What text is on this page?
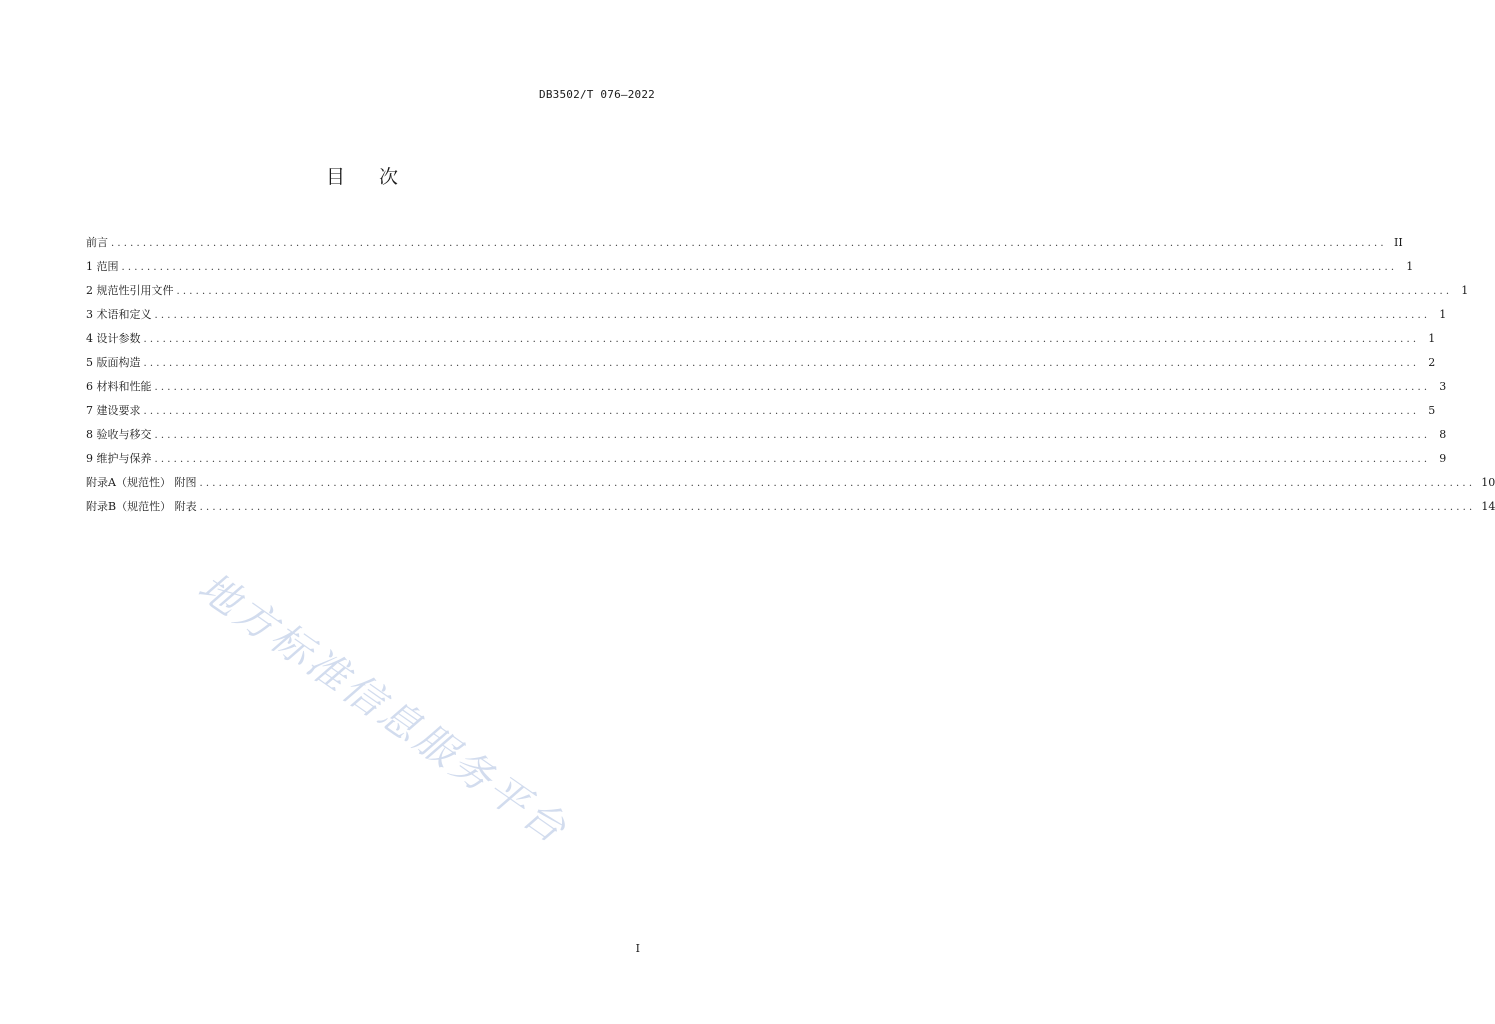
DB3502/T 076—2022
目次
前言 ........................................................................................................................................................................................................ II
1 范围 ........................................................................................................................................................................................................ 1
2 规范性引用文件 ........................................................................................................................................................................................................ 1
3 术语和定义 ........................................................................................................................................................................................................ 1
4 设计参数 ........................................................................................................................................................................................................ 1
5 版面构造 ........................................................................................................................................................................................................ 2
6 材料和性能 ........................................................................................................................................................................................................ 3
7 建设要求 ........................................................................................................................................................................................................ 5
8 验收与移交 ........................................................................................................................................................................................................ 8
9 维护与保养 ........................................................................................................................................................................................................ 9
附录A（规范性） 附图 ........................................................................................................................................................................................................ 10
附录B（规范性） 附表 ........................................................................................................................................................................................................ 14
地方标准信息服务平台
I
